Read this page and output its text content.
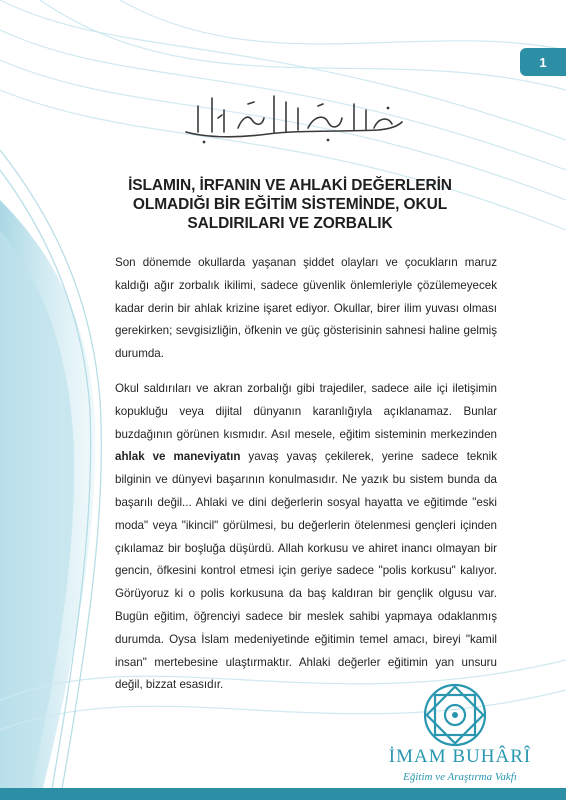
1
İSLAMIN, İRFANIN VE AHLAKİ DEĞERLERİN OLMADIĞI BİR EĞİTİM SİSTEMİNDE, OKUL SALDIRILARI VE ZORBALIK

Son dönemde okullarda yaşanan şiddet olayları ve çocukların maruz kaldığı ağır zorbalık ikilimi, sadece güvenlik önlemleriyle çözülemeyecek kadar derin bir ahlak krizine işaret ediyor. Okullar, birer ilim yuvası olması gerekirken; sevgisizliğin, öfkenin ve güç gösterisinin sahnesi haline gelmiş durumda.

Okul saldırıları ve akran zorbalığı gibi trajediler, sadece aile içi iletişimin kopukluğu veya dijital dünyanın karanlığıyla açıklanamaz. Bunlar buzdağının görünen kısmıdır. Asıl mesele, eğitim sisteminin merkezinden ahlak ve maneviyatın yavaş yavaş çekilerek, yerine sadece teknik bilginin ve dünyevi başarının konulmasıdır. Ne yazık bu sistem bunda da başarılı değil... Ahlaki ve dini değerlerin sosyal hayatta ve eğitimde "eski moda" veya "ikincil" görülmesi, bu değerlerin ötelenmesi gençleri içinden çıkılamaz bir boşluğa düşürdü. Allah korkusu ve ahiret inancı olmayan bir gencin, öfkesini kontrol etmesi için geriye sadece "polis korkusu" kalıyor. Görüyoruz ki o polis korkusuna da baş kaldıran bir gençlik olgusu var. Bugün eğitim, öğrenciyi sadece bir meslek sahibi yapmaya odaklanmış durumda. Oysa İslam medeniyetinde eğitimin temel amacı, bireyi "kamil insan" mertebesine ulaştırmaktır. Ahlaki değerler eğitimin yan unsuru değil, bizzat esasıdır.

İMAM BUHÂRÎ
Eğitim ve Araştırma Vakfı
